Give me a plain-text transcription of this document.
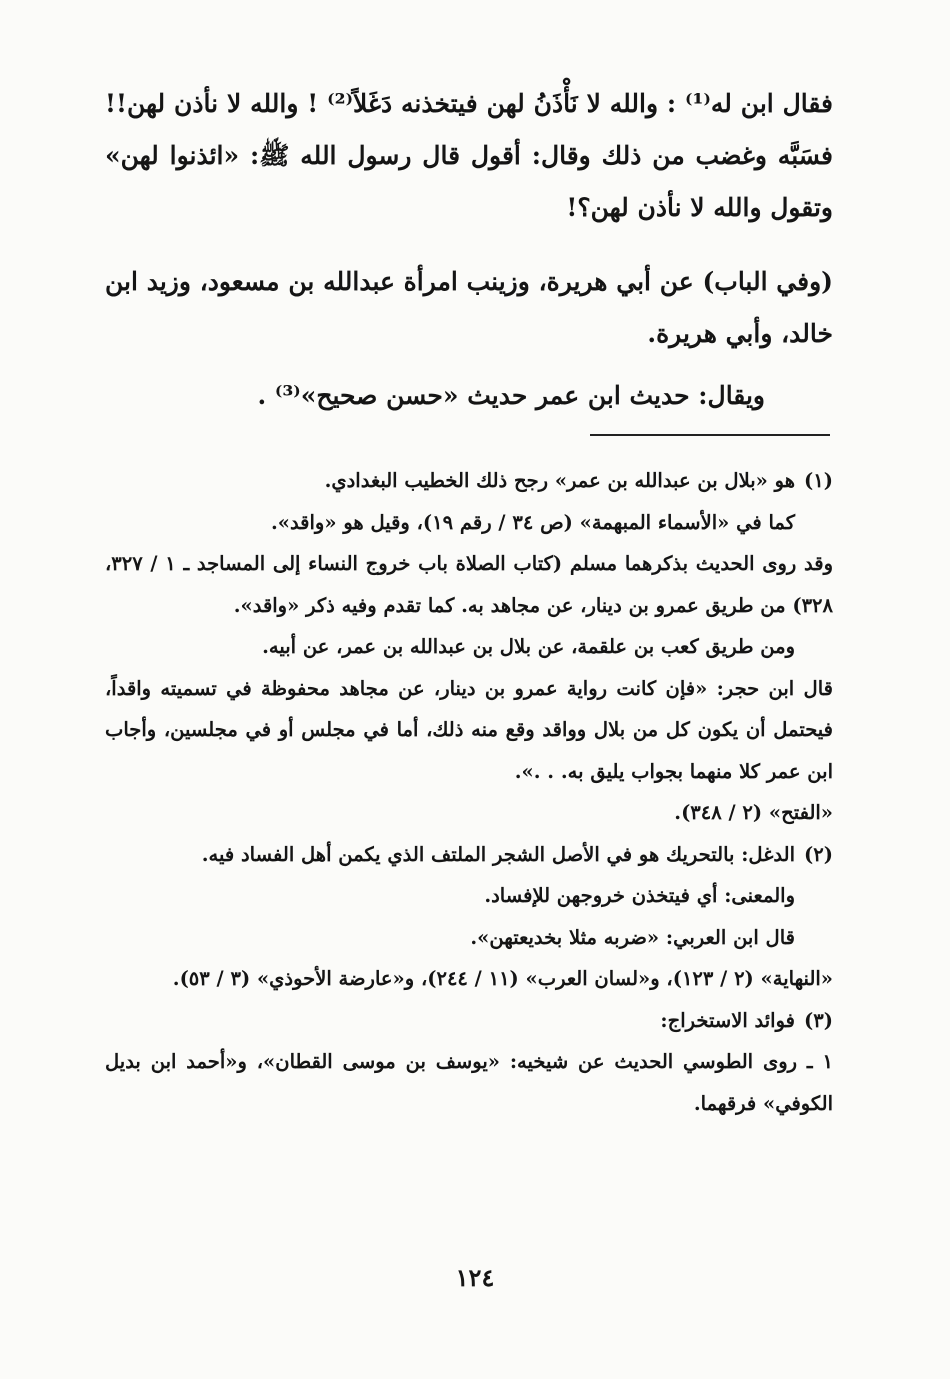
فقال ابن له⁽¹⁾ : والله لا نَأْذَنُ لهن فيتخذنه دَغَلاً⁽²⁾ ! والله لا نأذن لهن!! فسَبَّه وغضب من ذلك وقال: أقول قال رسول الله ﷺ: «ائذنوا لهن» وتقول والله لا نأذن لهن؟!
(وفي الباب) عن أبي هريرة، وزينب امرأة عبدالله بن مسعود، وزيد ابن خالد، وأبي هريرة.
ويقال: حديث ابن عمر حديث «حسن صحيح»⁽³⁾ .
(١)هو «بلال بن عبدالله بن عمر» رجح ذلك الخطيب البغدادي.
كما في «الأسماء المبهمة» (ص ٣٤ / رقم ١٩)، وقيل هو «واقد».
وقد روى الحديث بذكرهما مسلم (كتاب الصلاة باب خروج النساء إلى المساجد ـ ١ / ٣٢٧، ٣٢٨) من طريق عمرو بن دينار، عن مجاهد به. كما تقدم وفيه ذكر «واقد».
ومن طريق كعب بن علقمة، عن بلال بن عبدالله بن عمر، عن أبيه.
قال ابن حجر: «فإن كانت رواية عمرو بن دينار، عن مجاهد محفوظة في تسميته واقداً، فيحتمل أن يكون كل من بلال وواقد وقع منه ذلك، أما في مجلس أو في مجلسين، وأجاب ابن عمر كلا منهما بجواب يليق به. . .».
«الفتح» (٢ / ٣٤٨).
(٢)الدغل: بالتحريك هو في الأصل الشجر الملتف الذي يكمن أهل الفساد فيه.
والمعنى: أي فيتخذن خروجهن للإفساد.
قال ابن العربي: «ضربه مثلا بخديعتهن».
«النهاية» (٢ / ١٢٣)، و«لسان العرب» (١١ / ٢٤٤)، و«عارضة الأحوذي» (٣ / ٥٣).
(٣)فوائد الاستخراج:
١ ـ روى الطوسي الحديث عن شيخيه: «يوسف بن موسى القطان»، و«أحمد ابن بديل الكوفي» فرقهما.
١٢٤
